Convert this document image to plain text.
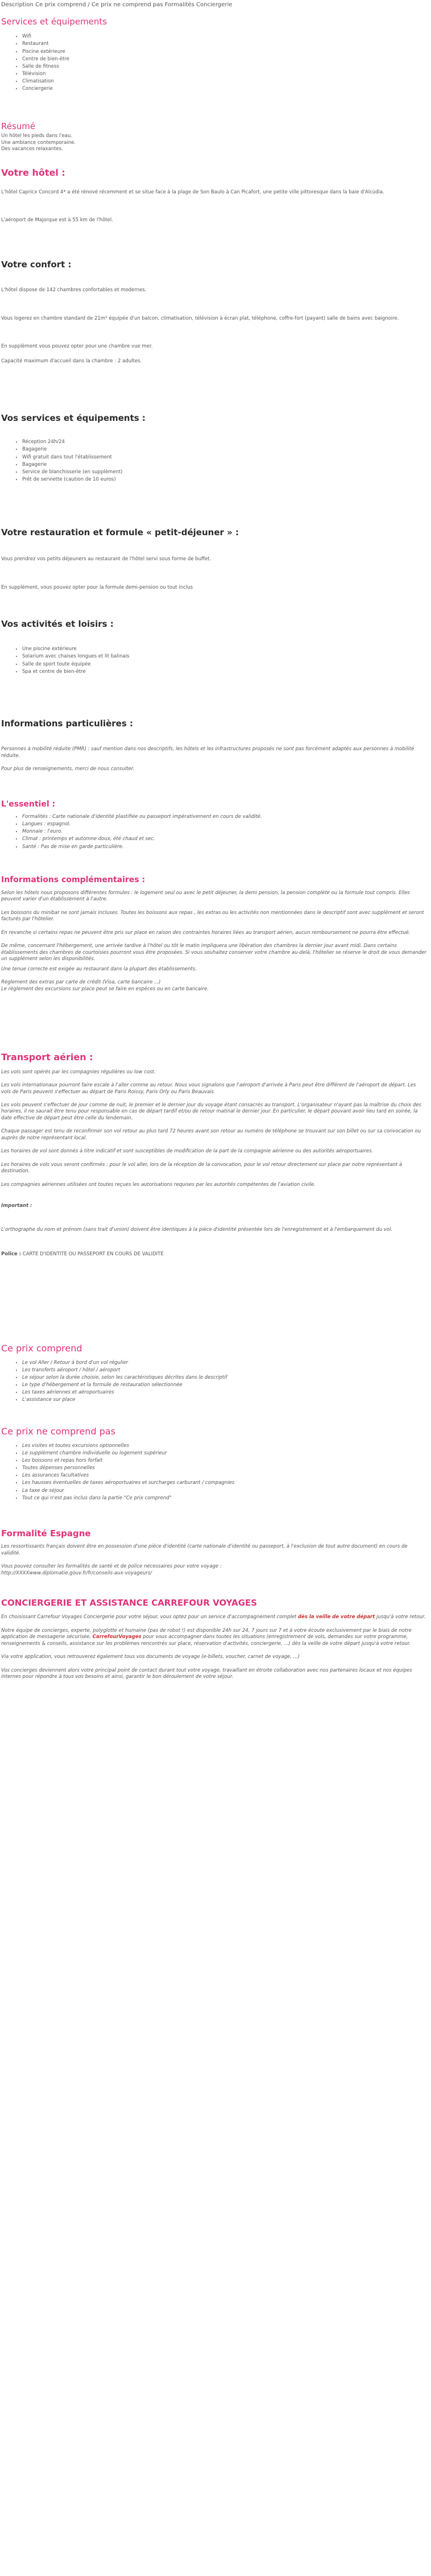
Description Ce prix comprend / Ce prix ne comprend pas Formalités Conciergerie
Services et équipements
• Wifi
• Restaurant
• Piscine extérieure
• Centre de bien-être
• Salle de fitness
• Télévision
• Climatisation
• Conciergerie
Résumé

Un hôtel les pieds dans l'eau.

Une ambiance contemporaine.

Des vacances relaxantes.

Votre hôtel :

L'hôtel Capricx Concord 4* a été rénové récemment et se situe face à la plage de Son Baulo à Can Picafort, une petite ville pittoresque dans la baie d'Alcúdia.

L'aéroport de Majorque est à 55 km de l'hôtel.

Votre confort :

L'hôtel dispose de 142 chambres confortables et modernes.

Vous logerez en chambre standard de 21m² équipée d'un balcon, climatisation, télévision à écran plat, téléphone, coffre-fort (payant) salle de bains avec baignoire.

En supplément vous pouvez opter pour une chambre vue mer.

Capacité maximum d'accueil dans la chambre : 2 adultes.

Vos services et équipements :
• Réception 24h/24
• Bagagerie
• Wifi gratuit dans tout l'établissement
• Bagagerie
• Service de blanchisserie (en supplément)
• Prêt de serviette (caution de 10 euros)
Votre restauration et formule « petit-déjeuner » :

Vous prendrez vos petits déjeuners au restaurant de l'hôtel servi sous forme de buffet.

En supplément, vous pouvez opter pour la formule demi-pension ou tout inclus

Vos activités et loisirs :
• Une piscine extérieure
• Solarium avec chaises longues et lit balinais
• Salle de sport toute équipée
• Spa et centre de bien-être
Informations particulières :

Personnes à mobilité réduite (PMR) : sauf mention dans nos descriptifs, les hôtels et les infrastructures proposés ne sont pas forcément adaptés aux personnes à mobilité réduite.

Pour plus de renseignements, merci de nous consulter.

L'essentiel :
• Formalités : Carte nationale d'identité plastifiée ou passeport impérativement en cours de validité.
• Langues : espagnol.
• Monnaie : l'euro.
• Climat : printemps et automne doux, été chaud et sec.
• Santé : Pas de mise en garde particulière.
Informations complémentaires :

Selon les hôtels nous proposons différentes formules : le logement seul ou avec le petit déjeuner, la demi pension, la pension complète ou la formule tout compris. Elles peuvent varier d'un établissement à l'autre.

Les boissons du minibar ne sont jamais incluses. Toutes les boissons aux repas , les extras ou les activités non mentionnées dans le descriptif sont avec supplément et seront facturés par l'hôtelier.

En revanche si certains repas ne peuvent être pris sur place en raison des contraintes horaires liées au transport aérien, aucun remboursement ne pourra être effectué.

De même, concernant l'hébergement, une arrivée tardive à l'hôtel ou tôt le matin impliquera une libération des chambres la dernier jour avant midi. Dans certains établissements des chambres de courtoisies pourront vous être proposées. Si vous souhaitez conserver votre chambre au-delà, l'hôtelier se réserve le droit de vous demander un supplément selon les disponibilités.

Une tenue correcte est exigée au restaurant dans la plupart des établissements.

Règlement des extras par carte de crédit (Visa, carte bancaire ...)

Le règlement des excursions sur place peut se faire en espèces ou en carte bancaire.

Transport aérien :

Les vols sont opérés par les compagnies régulières ou low cost.

Les vols internationaux pourront faire escale à l'aller comme au retour. Nous vous signalons que l'aéroport d'arrivée à Paris peut être différent de l'aéroport de départ. Les vols de Paris peuvent s'effectuer au départ de Paris Roissy, Paris Orly ou Paris Beauvais.

Les vols peuvent s'effectuer de jour comme de nuit, le premier et le dernier jour du voyage étant consacrés au transport. L'organisateur n'ayant pas la maîtrise du choix des horaires, il ne saurait être tenu pour responsable en cas de départ tardif et/ou de retour matinal le dernier jour. En particulier, le départ pouvant avoir lieu tard en soirée, la date effective de départ peut être celle du lendemain.

Chaque passager est tenu de reconfirmer son vol retour au plus tard 72 heures avant son retour au numéro de téléphone se trouvant sur son billet ou sur sa convocation ou auprès de notre représentant local.

Les horaires de vol sont donnés à titre indicatif et sont susceptibles de modification de la part de la compagnie aérienne ou des autorités aéroportuaires.

Les horaires de vols vous seront confirmés : pour le vol aller, lors de la réception de la convocation, pour le vol retour directement sur place par notre représentant à destination.

Les compagnies aériennes utilisées ont toutes reçues les autorisations requises par les autorités compétentes de l'aviation civile.

Important :

L'orthographe du nom et prénom (sans trait d'union) doivent être identiques à la pièce d'identité présentée lors de l'enregistrement et à l'embarquement du vol.

Police : CARTE D'IDENTITE OU PASSEPORT EN COURS DE VALIDITE

Ce prix comprend
• Le vol Aller / Retour à bord d'un vol régulier
• Les transferts aéroport / hôtel / aéroport
• Le séjour selon la durée choisie, selon les caractéristiques décrites dans le descriptif
• Le type d'hébergement et la formule de restauration sélectionnée
• Les taxes aériennes et aéroportuaires
• L'assistance sur place
Ce prix ne comprend pas
• Les visites et toutes excursions optionnelles
• Le supplément chambre individuelle ou logement supérieur
• Les boissons et repas hors forfait
• Toutes dépenses personnelles
• Les assurances facultatives
• Les hausses éventuelles de taxes aéroportuaires et surcharges carburant / compagnies
• La taxe de séjour
• Tout ce qui n'est pas inclus dans la partie "Ce prix comprend"
Formalité Espagne

Les ressortissants français doivent être en possession d'une pièce d'identité (carte nationale d'identité ou passeport, à l'exclusion de tout autre document) en cours de validité.

Vous pouvez consulter les formalités de santé et de police nécessaires pour votre voyage :

http://XXXXwww.diplomatie.gouv.fr/fr/conseils-aux-voyageurs/

CONCIERGERIE ET ASSISTANCE CARREFOUR VOYAGES

En choisissant Carrefour Voyages Conciergerie pour votre séjour, vous optez pour un service d'accompagnement complet dès la veille de votre départ jusqu'à votre retour.

Notre équipe de concierges, experte, polyglotte et humaine (pas de robot !) est disponible 24h sur 24, 7 jours sur 7 et à votre écoute exclusivement par le biais de notre application de messagerie sécurisée, CarrefourVoyages pour vous accompagner dans toutes les situations (enregistrement de vols, demandes sur votre programme, renseignements & conseils, assistance sur les problèmes rencontrés sur place, réservation d'activités, conciergerie, ...) dès la veille de votre départ jusqu'à votre retour.

Via votre application, vous retrouverez également tous vos documents de voyage (e-billets, voucher, carnet de voyage, ...)

Vos concierges deviennent alors votre principal point de contact durant tout votre voyage, travaillant en étroite collaboration avec nos partenaires locaux et nos équipes internes pour répondre à tous vos besoins et ainsi, garantir le bon déroulement de votre séjour.
